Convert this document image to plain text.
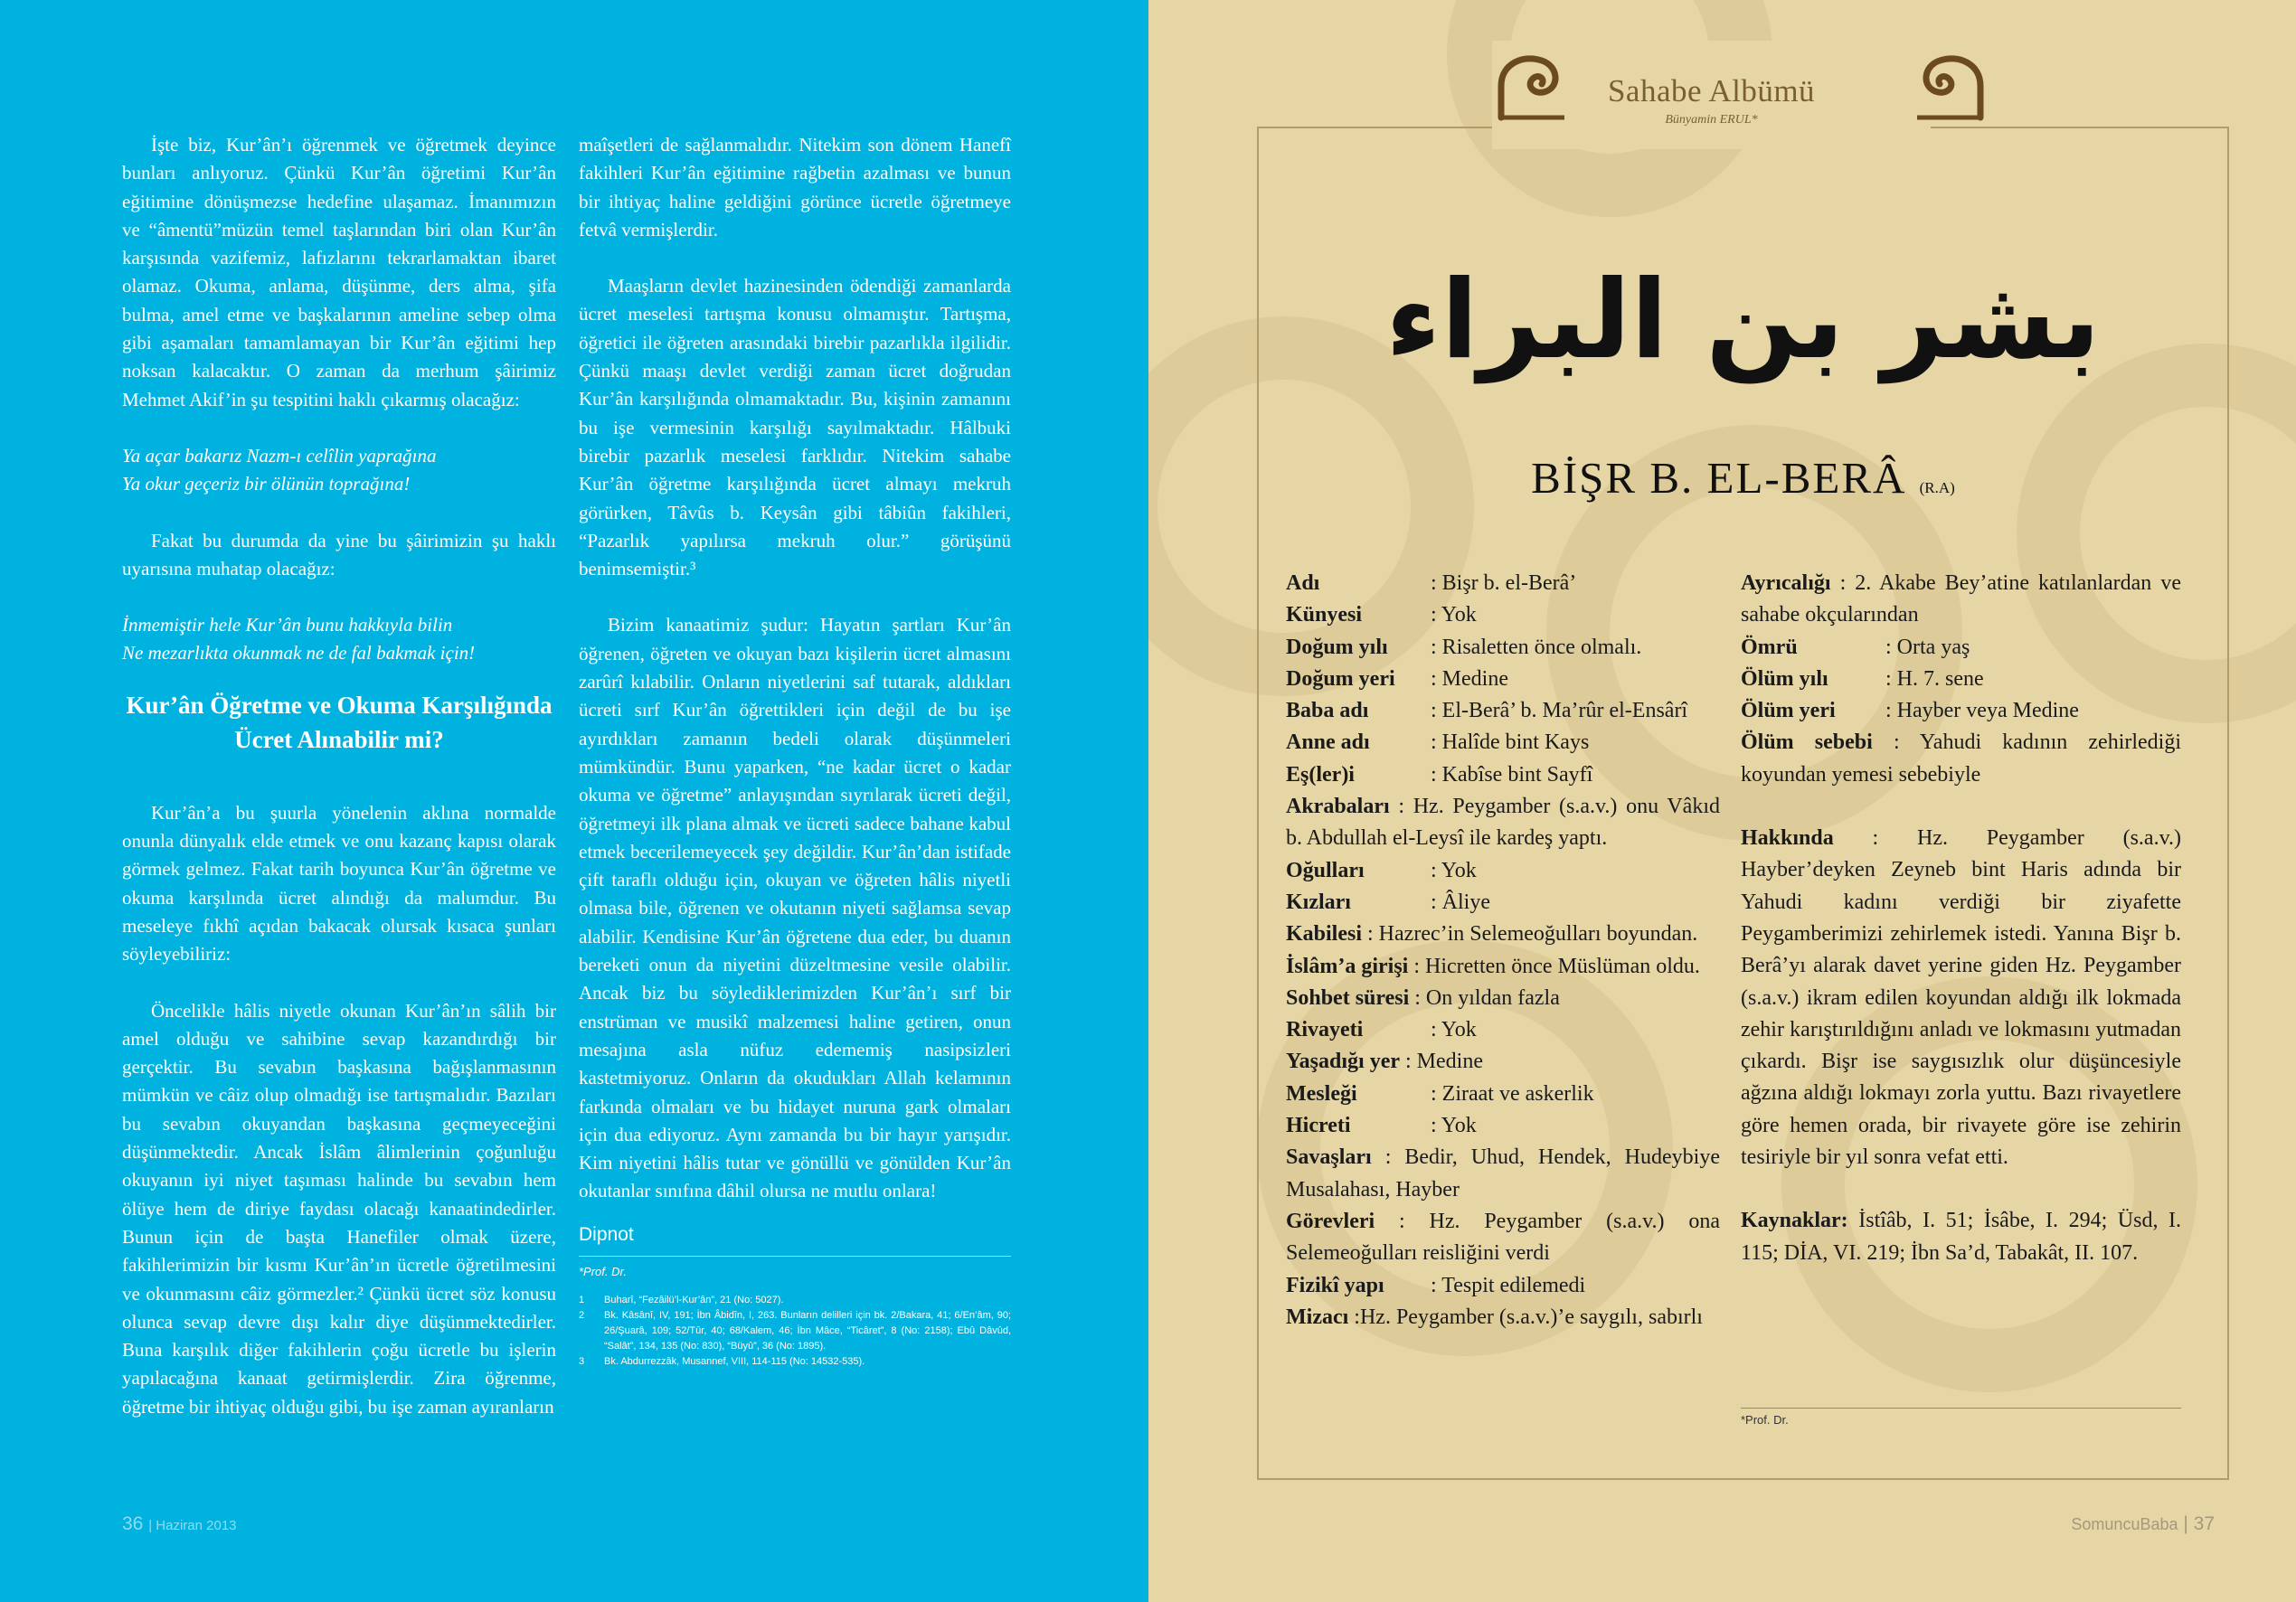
İşte biz, Kur’ân’ı öğrenmek ve öğretmek deyince bunları anlıyoruz. Çünkü Kur’ân öğretimi Kur’ân eğitimine dönüşmezse hedefine ulaşamaz. İmanımızın ve “âmentü”müzün temel taşlarından biri olan Kur’ân karşısında vazifemiz, lafızlarını tekrarlamaktan ibaret olamaz. Okuma, anlama, düşünme, ders alma, şifa bulma, amel etme ve başkalarının ameline sebep olma gibi aşamaları tamamlamayan bir Kur’ân eğitimi hep noksan kalacaktır. O zaman da merhum şâirimiz Mehmet Akif’in şu tespitini haklı çıkarmış olacağız:

Ya açar bakarız Nazm-ı celîlin yaprağına
Ya okur geçeriz bir ölünün toprağına!

Fakat bu durumda da yine bu şâirimizin şu haklı uyarısına muhatap olacağız:

İnmemiştir hele Kur’ân bunu hakkıyla bilin
Ne mezarlıkta okunmak ne de fal bakmak için!
Kur’ân Öğretme ve Okuma Karşılığında Ücret Alınabilir mi?

Kur’ân’a bu şuurla yönelenin aklına normalde onunla dünyalık elde etmek ve onu kazanç kapısı olarak görmek gelmez. Fakat tarih boyunca Kur’ân öğretme ve okuma karşılında ücret alındığı da malumdur. Bu meseleye fıkhî açıdan bakacak olursak kısaca şunları söyleyebiliriz:

Öncelikle hâlis niyetle okunan Kur’ân’ın sâlih bir amel olduğu ve sahibine sevap kazandırdığı bir gerçektir. Bu sevabın başkasına bağışlanmasının mümkün ve câiz olup olmadığı ise tartışmalıdır. Bazıları bu sevabın okuyandan başkasına geçmeyeceğini düşünmektedir. Ancak İslâm âlimlerinin çoğunluğu okuyanın iyi niyet taşıması halinde bu sevabın hem ölüye hem de diriye faydası olacağı kanaatindedirler. Bunun için de başta Hanefiler olmak üzere, fakihlerimizin bir kısmı Kur’ân’ın ücretle öğretilmesini ve okunmasını câiz görmezler.² Çünkü ücret söz konusu olunca sevap devre dışı kalır diye düşünmektedirler. Buna karşılık diğer fakihlerin çoğu ücretle bu işlerin yapılacağına kanaat getirmişlerdir. Zira öğrenme, öğretme bir ihtiyaç olduğu gibi, bu işe zaman ayıranların

maîşetleri de sağlanmalıdır. Nitekim son dönem Hanefî fakihleri Kur’ân eğitimine rağbetin azalması ve bunun bir ihtiyaç haline geldiğini görünce ücretle öğretmeye fetvâ vermişlerdir.

Maaşların devlet hazinesinden ödendiği zamanlarda ücret meselesi tartışma konusu olmamıştır. Tartışma, öğretici ile öğreten arasındaki birebir pazarlıkla ilgilidir. Çünkü maaşı devlet verdiği zaman ücret doğrudan Kur’ân karşılığında olmamaktadır. Bu, kişinin zamanını bu işe vermesinin karşılığı sayılmaktadır. Hâlbuki birebir pazarlık meselesi farklıdır. Nitekim sahabe Kur’ân öğretme karşılığında ücret almayı mekruh görürken, Tâvûs b. Keysân gibi tâbiûn fakihleri, “Pazarlık yapılırsa mekruh olur.” görüşünü benimsemiştir.³

Bizim kanaatimiz şudur: Hayatın şartları Kur’ân öğrenen, öğreten ve okuyan bazı kişilerin ücret almasını zarûrî kılabilir. Onların niyetlerini saf tutarak, aldıkları ücreti sırf Kur’ân öğrettikleri için değil de bu işe ayırdıkları zamanın bedeli olarak düşünmeleri mümkündür. Bunu yaparken, “ne kadar ücret o kadar okuma ve öğretme” anlayışından sıyrılarak ücreti değil, öğretmeyi ilk plana almak ve ücreti sadece bahane kabul etmek becerilemeyecek şey değildir. Kur’ân’dan istifade çift taraflı olduğu için, okuyan ve öğreten hâlis niyetli olmasa bile, öğrenen ve okutanın niyeti sağlamsa sevap alabilir. Kendisine Kur’ân öğretene dua eder, bu duanın bereketi onun da niyetini düzeltmesine vesile olabilir. Ancak biz bu söylediklerimizden Kur’ân’ı sırf bir enstrüman ve musikî malzemesi haline getiren, onun mesajına asla nüfuz edememiş nasipsizleri kastetmiyoruz. Onların da okudukları Allah kelamının farkında olmaları ve bu hidayet nuruna gark olmaları için dua ediyoruz. Aynı zamanda bu bir hayır yarışıdır. Kim niyetini hâlis tutar ve gönüllü ve gönülden Kur’ân okutanlar sınıfına dâhil olursa ne mutlu onlara!

Dipnot
*Prof. Dr.
1	Buharî, “Fezâilü’l-Kur’ân”, 21 (No: 5027).
2	Bk. Kâsânî, IV, 191; İbn Âbidîn, I, 263. Bunların delilleri için bk. 2/Bakara, 41; 6/En’âm, 90; 26/Şuarâ, 109; 52/Tûr, 40; 68/Kalem, 46; İbn Mâce, “Ticâret”, 8 (No: 2158); Ebû Dâvûd, “Salât”, 134, 135 (No: 830), “Büyû”, 36 (No: 1895).
3	Bk. Abdurrezzâk, Musannef, VIII, 114-115 (No: 14532-535).
36 | Haziran 2013
Sahabe Albümü
Bünyamin ERUL*
بشر بن البراء
BİŞR B. EL-BERÂ (R.A)
Adı	: Bişr b. el-Berâ’
Künyesi	: Yok
Doğum yılı	: Risaletten önce olmalı.
Doğum yeri	: Medine
Baba adı	: El-Berâ’ b. Ma’rûr el-Ensârî
Anne adı	: Halîde bint Kays
Eş(ler)i	: Kabîse bint Sayfî
Akrabaları : Hz. Peygamber (s.a.v.) onu Vâkıd b. Abdullah el-Leysî ile kardeş yaptı.
Oğulları	: Yok
Kızları	: Âliye
Kabilesi : Hazrec’in Selemeoğulları boyundan.
İslâm’a girişi : Hicretten önce Müslüman oldu.
Sohbet süresi : On yıldan fazla
Rivayeti	: Yok
Yaşadığı yer : Medine
Mesleği	: Ziraat ve askerlik
Hicreti	: Yok
Savaşları : Bedir, Uhud, Hendek, Hudeybiye Musalahası, Hayber
Görevleri : Hz. Peygamber (s.a.v.) ona Selemeoğulları reisliğini verdi
Fizikî yapı	: Tespit edilemedi
Mizacı :Hz. Peygamber (s.a.v.)’e saygılı, sabırlı
Ayrıcalığı : 2. Akabe Bey’atine katılanlardan ve sahabe okçularından
Ömrü	: Orta yaş
Ölüm yılı	: H. 7. sene
Ölüm yeri	: Hayber veya Medine
Ölüm sebebi : Yahudi kadının zehirlediği koyundan yemesi sebebiyle

Hakkında : Hz. Peygamber (s.a.v.) Hayber’deyken Zeyneb bint Haris adında bir Yahudi kadını verdiği bir ziyafette Peygamberimizi zehirlemek istedi. Yanına Bişr b. Berâ’yı alarak davet yerine giden Hz. Peygamber (s.a.v.) ikram edilen koyundan aldığı ilk lokmada zehir karıştırıldığını anladı ve lokmasını yutmadan çıkardı. Bişr ise saygısızlık olur düşüncesiyle ağzına aldığı lokmayı zorla yuttu. Bazı rivayetlere göre hemen orada, bir rivayete göre ise zehirin tesiriyle bir yıl sonra vefat etti.

Kaynaklar: İstîâb, I. 51; İsâbe, I. 294; Üsd, I. 115; DİA, VI. 219; İbn Sa’d, Tabakât, II. 107.

*Prof. Dr.
SomuncuBaba | 37
